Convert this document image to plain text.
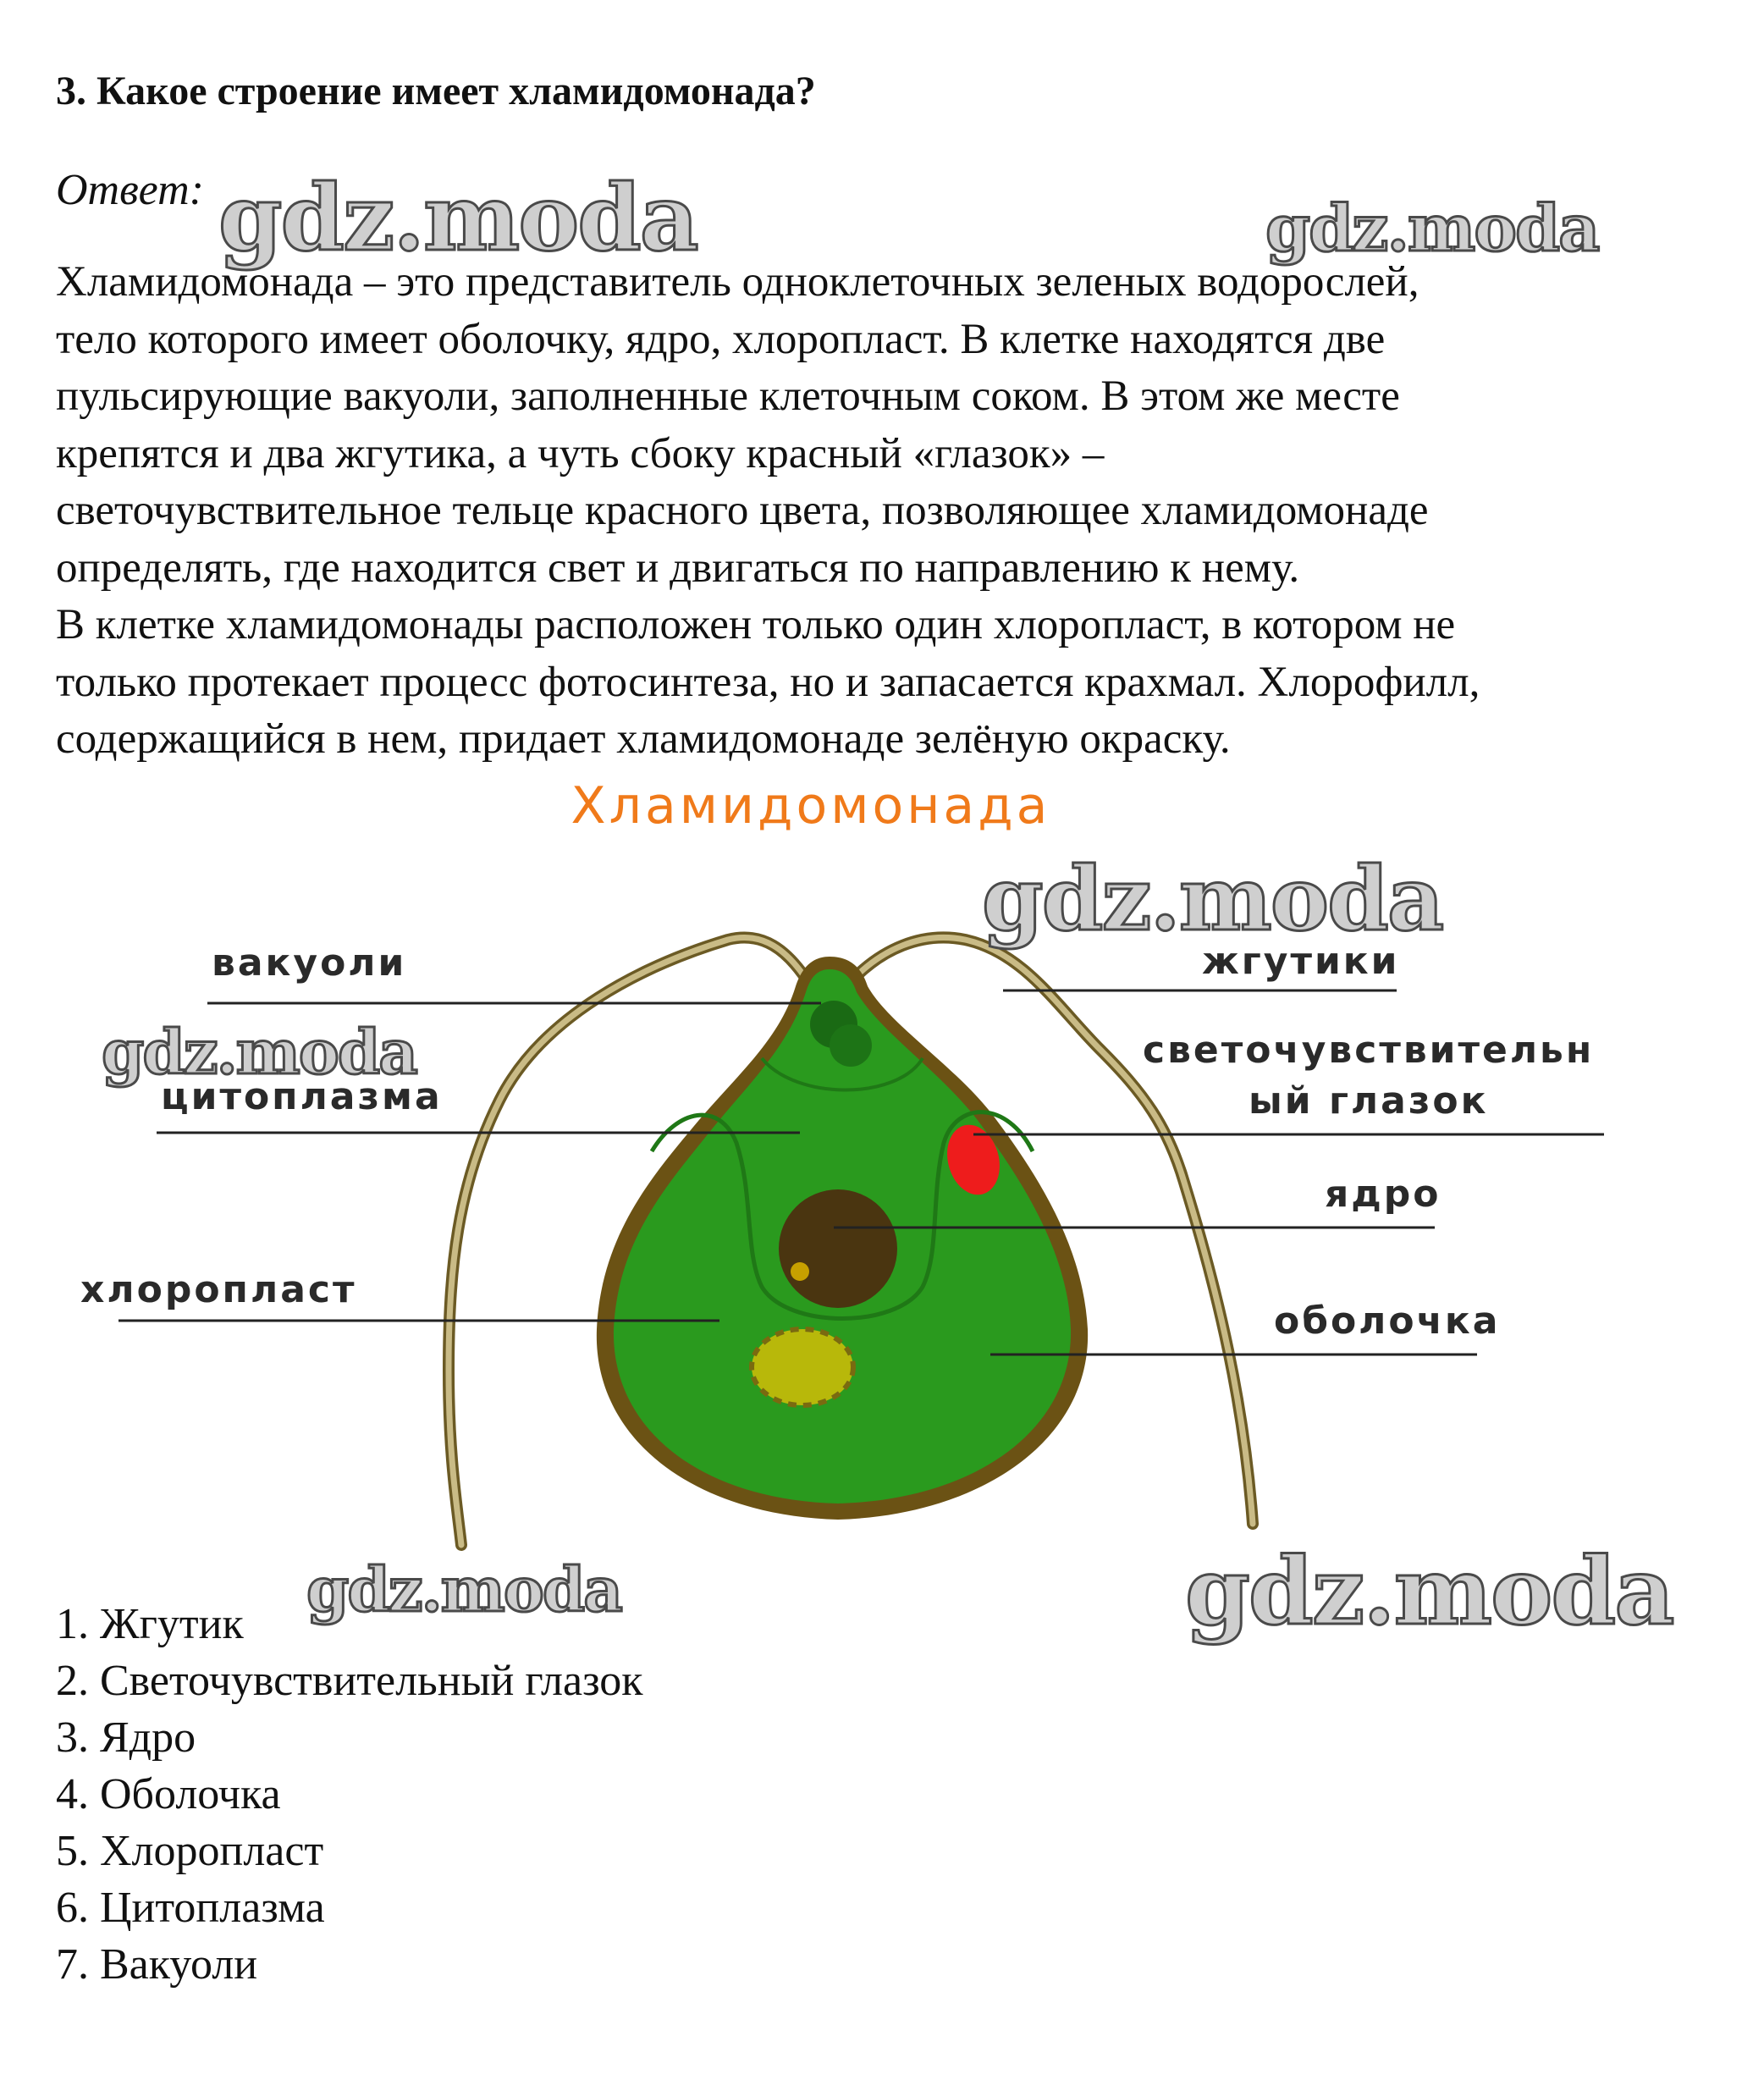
3. Какое строение имеет хламидомонада?
Ответ:
Хламидомонада – это представитель одноклеточных зеленых водорослей,
тело которого имеет оболочку, ядро, хлоропласт. В клетке находятся две
пульсирующие вакуоли, заполненные клеточным соком. В этом же месте
крепятся и два жгутика, а чуть сбоку красный «глазок» –
светочувствительное тельце красного цвета, позволяющее хламидомонаде
определять, где находится свет и двигаться по направлению к нему.
В клетке хламидомонады расположен только один хлоропласт, в котором не
только протекает процесс фотосинтеза, но и запасается крахмал. Хлорофилл,
содержащийся в нем, придает хламидомонаде зелёную окраску.
Хламидомонада
вакуоли
цитоплазма
хлоропласт
жгутики
светочувствительн
ый глазок
ядро
оболочка
1. Жгутик
2. Светочувствительный глазок
3. Ядро
4. Оболочка
5. Хлоропласт
6. Цитоплазма
7. Вакуоли
gdz.moda	gdz.moda
gdz.moda
gdz.moda
gdz.moda	gdz.moda
